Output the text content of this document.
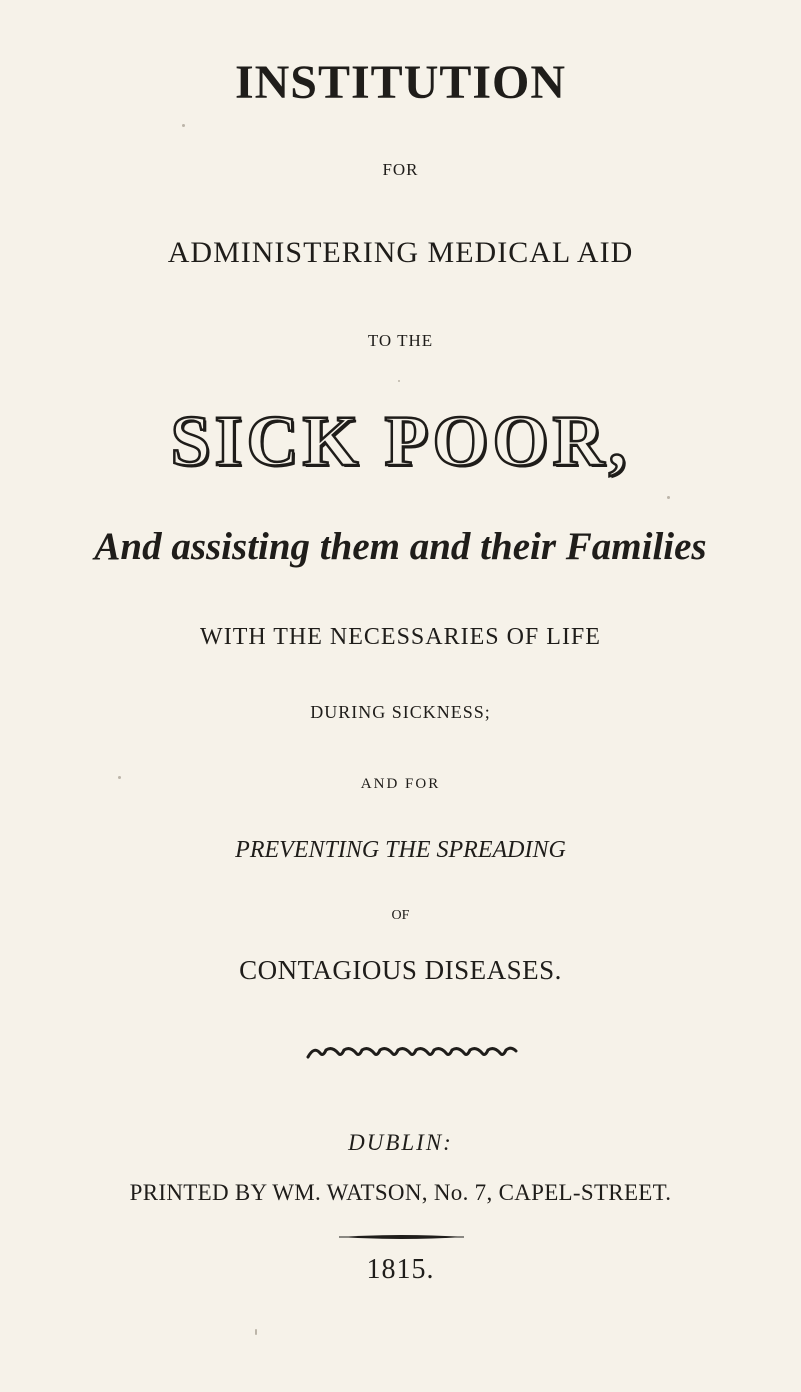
INSTITUTION
FOR
ADMINISTERING MEDICAL AID
TO THE
SICK POOR,
And assisting them and their Families
WITH THE NECESSARIES OF LIFE
DURING SICKNESS;
AND FOR
PREVENTING THE SPREADING
OF
CONTAGIOUS DISEASES.
DUBLIN:
PRINTED BY WM. WATSON, No. 7, CAPEL-STREET.
1815.
